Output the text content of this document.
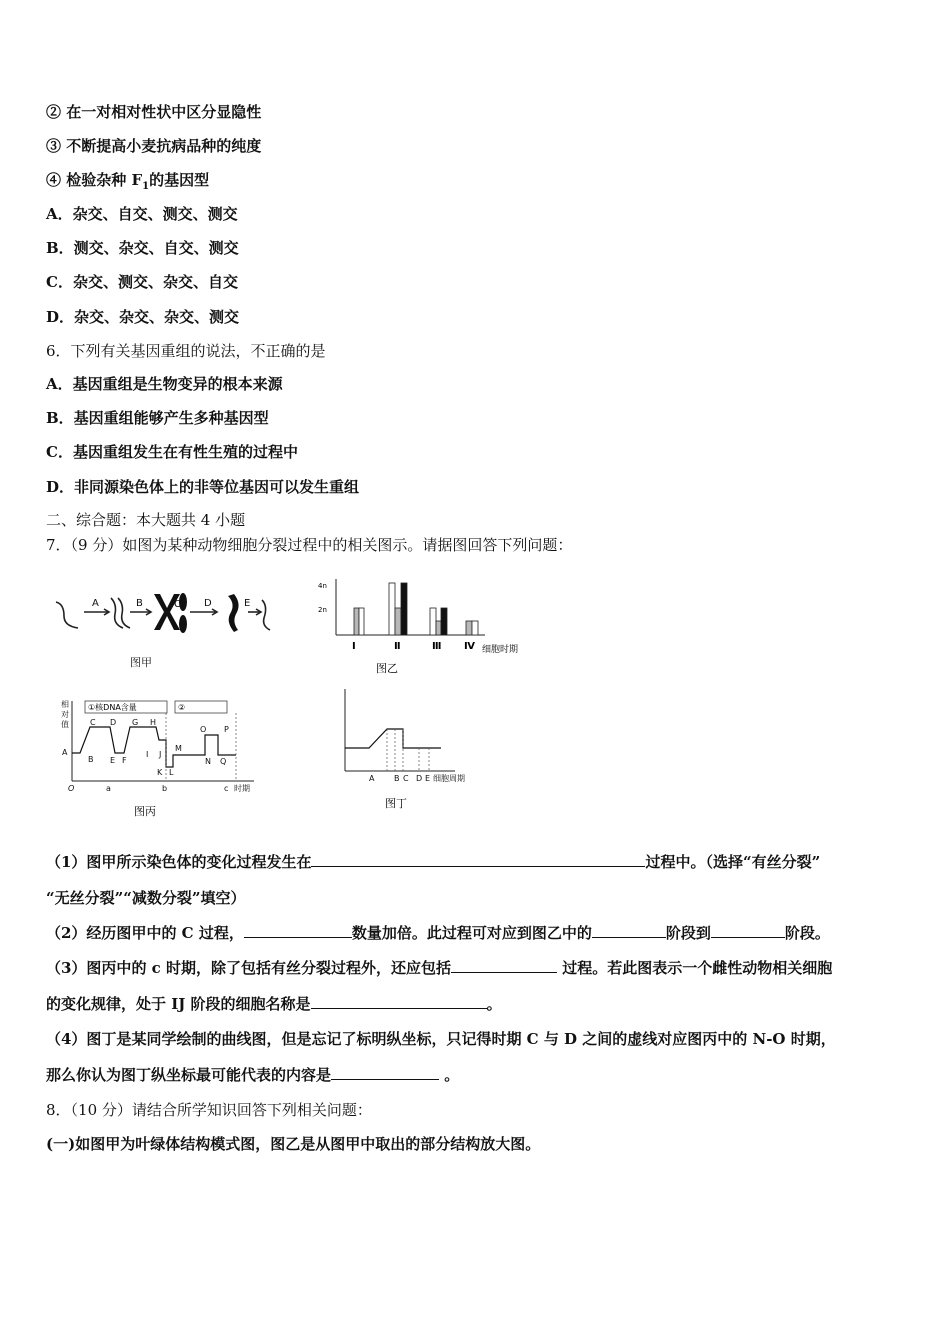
② 在一对相对性状中区分显隐性
③ 不断提高小麦抗病品种的纯度
④ 检验杂种 $F_1$的基因型
A．杂交、自交、测交、测交
B．测交、杂交、自交、测交
C．杂交、测交、杂交、自交
D．杂交、杂交、杂交、测交
6．下列有关基因重组的说法，不正确的是
A．基因重组是生物变异的根本来源
B．基因重组能够产生多种基因型
C．基因重组发生在有性生殖的过程中
D．非同源染色体上的非等位基因可以发生重组
二、综合题：本大题共 4 小题
7．（9 分）如图为某种动物细胞分裂过程中的相关图示。请据图回答下列问题：
A	B	C D	E
图甲
4n
2n
Ⅰ	Ⅱ	Ⅲ Ⅳ 细胞时期
图乙
相
对
值
①核DNA含量	②
A
B
C D
E F
G H
I J
K L
M
N
O P
Q
O	a	b	c 时期
图丙
A B C D E 细胞周期
图丁
（1）图甲所示染色体的变化过程发生在	过程中。（选择“有丝分裂”
“无丝分裂”“减数分裂”填空）
（2）经历图甲中的 C 过程，	数量加倍。此过程可对应到图乙中的	阶段到	阶段。
（3）图丙中的 c 时期，除了包括有丝分裂过程外，还应包括	过程。若此图表示一个雌性动物相关细胞
的变化规律，处于 IJ 阶段的细胞名称是	。
（4）图丁是某同学绘制的曲线图，但是忘记了标明纵坐标，只记得时期 C 与 D 之间的虚线对应图丙中的 N-O 时期，
那么你认为图丁纵坐标最可能代表的内容是	。
8．（10 分）请结合所学知识回答下列相关问题：
(一)如图甲为叶绿体结构模式图，图乙是从图甲中取出的部分结构放大图。
